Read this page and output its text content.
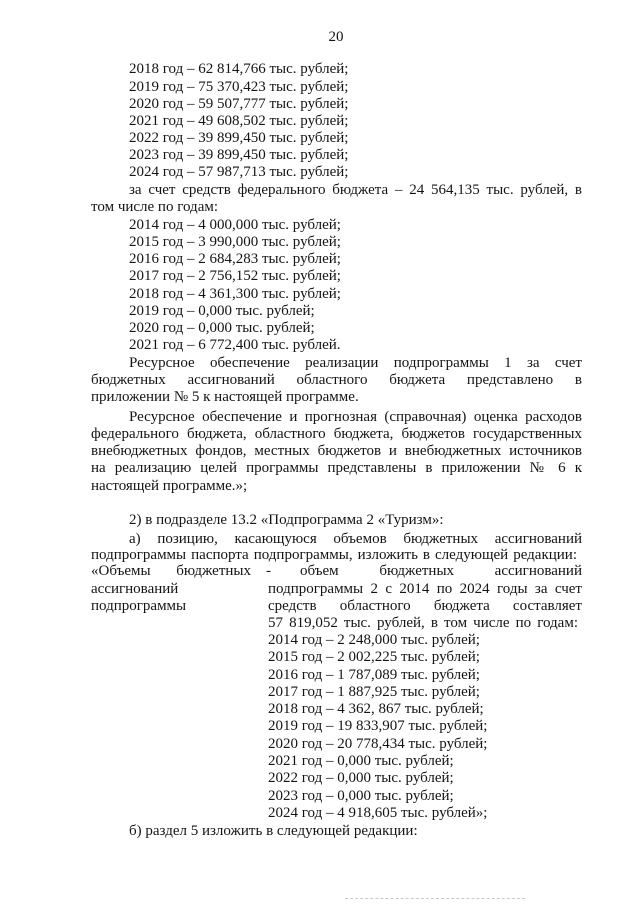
20
2018 год – 62 814,766 тыс. рублей;
2019 год – 75 370,423 тыс. рублей;
2020 год – 59 507,777 тыс. рублей;
2021 год – 49 608,502 тыс. рублей;
2022 год – 39 899,450 тыс. рублей;
2023 год – 39 899,450 тыс. рублей;
2024 год – 57 987,713 тыс. рублей;
за счет средств федерального бюджета – 24 564,135 тыс. рублей, в
том числе по годам:
2014 год – 4 000,000 тыс. рублей;
2015 год – 3 990,000 тыс. рублей;
2016 год – 2 684,283 тыс. рублей;
2017 год – 2 756,152 тыс. рублей;
2018 год – 4 361,300 тыс. рублей;
2019 год – 0,000 тыс. рублей;
2020 год – 0,000 тыс. рублей;
2021 год – 6 772,400 тыс. рублей.
Ресурсное обеспечение реализации подпрограммы 1 за счет
бюджетных ассигнований областного бюджета представлено в
приложении № 5 к настоящей программе.
Ресурсное обеспечение и прогнозная (справочная) оценка расходов
федерального бюджета, областного бюджета, бюджетов государственных
внебюджетных фондов, местных бюджетов и внебюджетных источников
на реализацию целей программы представлены в приложении № 6 к
настоящей программе.»;
2) в подразделе 13.2 «Подпрограмма 2 «Туризм»:
а) позицию, касающуюся объемов бюджетных ассигнований
подпрограммы паспорта подпрограммы, изложить в следующей редакции:
«Объемы бюджетных
ассигнований
подпрограммы
- объем бюджетных ассигнований
подпрограммы 2 с 2014 по 2024 годы за счет
средств областного бюджета составляет
57 819,052 тыс. рублей, в том числе по годам:
2014 год – 2 248,000 тыс. рублей;
2015 год – 2 002,225 тыс. рублей;
2016 год – 1 787,089 тыс. рублей;
2017 год – 1 887,925 тыс. рублей;
2018 год – 4 362, 867 тыс. рублей;
2019 год – 19 833,907 тыс. рублей;
2020 год – 20 778,434 тыс. рублей;
2021 год – 0,000 тыс. рублей;
2022 год – 0,000 тыс. рублей;
2023 год – 0,000 тыс. рублей;
2024 год – 4 918,605 тыс. рублей»;
б) раздел 5 изложить в следующей редакции:
